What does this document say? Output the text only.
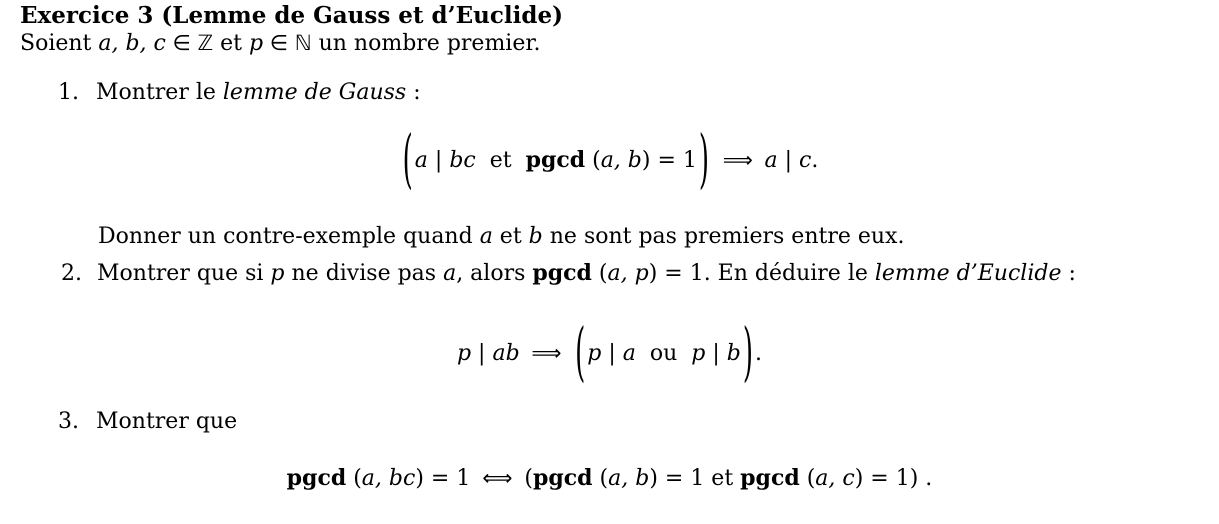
Exercice 3 (Lemme de Gauss et d’Euclide)
Soient a, b, c ∈ ℤ et p ∈ ℕ un nombre premier.
1. Montrer le lemme de Gauss :
(a | bc  et  pgcd (a, b) = 1) ⟹ a | c.
Donner un contre-exemple quand a et b ne sont pas premiers entre eux.
2. Montrer que si p ne divise pas a, alors pgcd (a, p) = 1. En déduire le lemme d’Euclide :
p | ab ⟹ (p | a  ou  p | b).
3. Montrer que
pgcd (a, bc) = 1 ⟺ (pgcd (a, b) = 1 et pgcd (a, c) = 1) .
